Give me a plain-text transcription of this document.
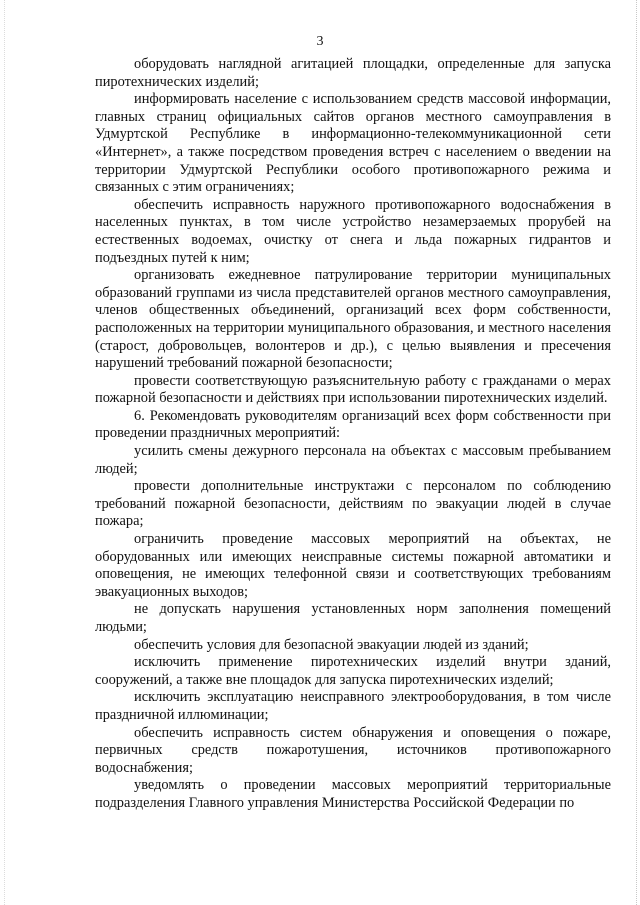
3

оборудовать наглядной агитацией площадки, определенные для запуска пиротехнических изделий;

информировать население с использованием средств массовой информации, главных страниц официальных сайтов органов местного самоуправления в Удмуртской Республике в информационно-телекоммуникационной сети «Интернет», а также посредством проведения встреч с населением о введении на территории Удмуртской Республики особого противопожарного режима и связанных с этим ограничениях;

обеспечить исправность наружного противопожарного водоснабжения в населенных пунктах, в том числе устройство незамерзаемых прорубей на естественных водоемах, очистку от снега и льда пожарных гидрантов и подъездных путей к ним;

организовать ежедневное патрулирование территории муниципальных образований группами из числа представителей органов местного самоуправления, членов общественных объединений, организаций всех форм собственности, расположенных на территории муниципального образования, и местного населения (старост, добровольцев, волонтеров и др.), с целью выявления и пресечения нарушений требований пожарной безопасности;

провести соответствующую разъяснительную работу с гражданами о мерах пожарной безопасности и действиях при использовании пиротехнических изделий.

6. Рекомендовать руководителям организаций всех форм собственности при проведении праздничных мероприятий:

усилить смены дежурного персонала на объектах с массовым пребыванием людей;

провести дополнительные инструктажи с персоналом по соблюдению требований пожарной безопасности, действиям по эвакуации людей в случае пожара;

ограничить проведение массовых мероприятий на объектах, не оборудованных или имеющих неисправные системы пожарной автоматики и оповещения, не имеющих телефонной связи и соответствующих требованиям эвакуационных выходов;

не допускать нарушения установленных норм заполнения помещений людьми;

обеспечить условия для безопасной эвакуации людей из зданий;

исключить применение пиротехнических изделий внутри зданий, сооружений, а также вне площадок для запуска пиротехнических изделий;

исключить эксплуатацию неисправного электрооборудования, в том числе праздничной иллюминации;

обеспечить исправность систем обнаружения и оповещения о пожаре, первичных средств пожаротушения, источников противопожарного водоснабжения;

уведомлять о проведении массовых мероприятий территориальные подразделения Главного управления Министерства Российской Федерации по
